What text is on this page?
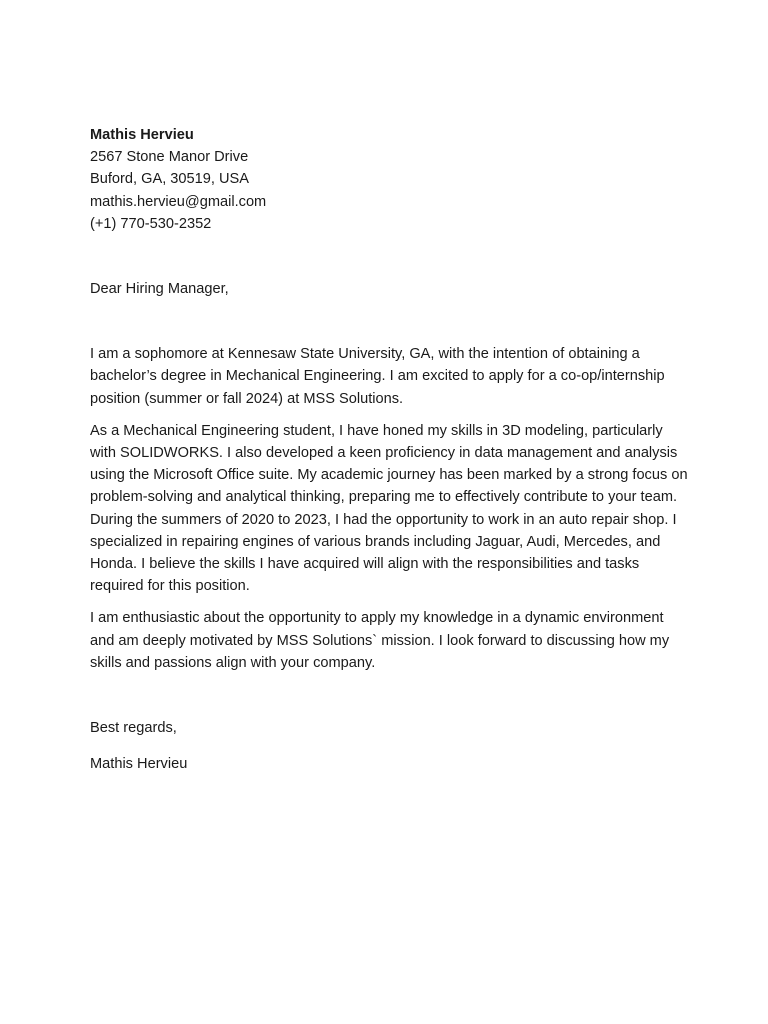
Mathis Hervieu

2567 Stone Manor Drive

Buford, GA, 30519, USA

mathis.hervieu@gmail.com

(+1) 770-530-2352

Dear Hiring Manager,

I am a sophomore at Kennesaw State University, GA, with the intention of obtaining a bachelor’s degree in Mechanical Engineering. I am excited to apply for a co-op/internship position (summer or fall 2024) at MSS Solutions.

As a Mechanical Engineering student, I have honed my skills in 3D modeling, particularly with SOLIDWORKS. I also developed a keen proficiency in data management and analysis using the Microsoft Office suite. My academic journey has been marked by a strong focus on problem-solving and analytical thinking, preparing me to effectively contribute to your team. During the summers of 2020 to 2023, I had the opportunity to work in an auto repair shop. I specialized in repairing engines of various brands including Jaguar, Audi, Mercedes, and Honda. I believe the skills I have acquired will align with the responsibilities and tasks required for this position.

I am enthusiastic about the opportunity to apply my knowledge in a dynamic environment and am deeply motivated by MSS Solutions` mission. I look forward to discussing how my skills and passions align with your company.

Best regards,

Mathis Hervieu
